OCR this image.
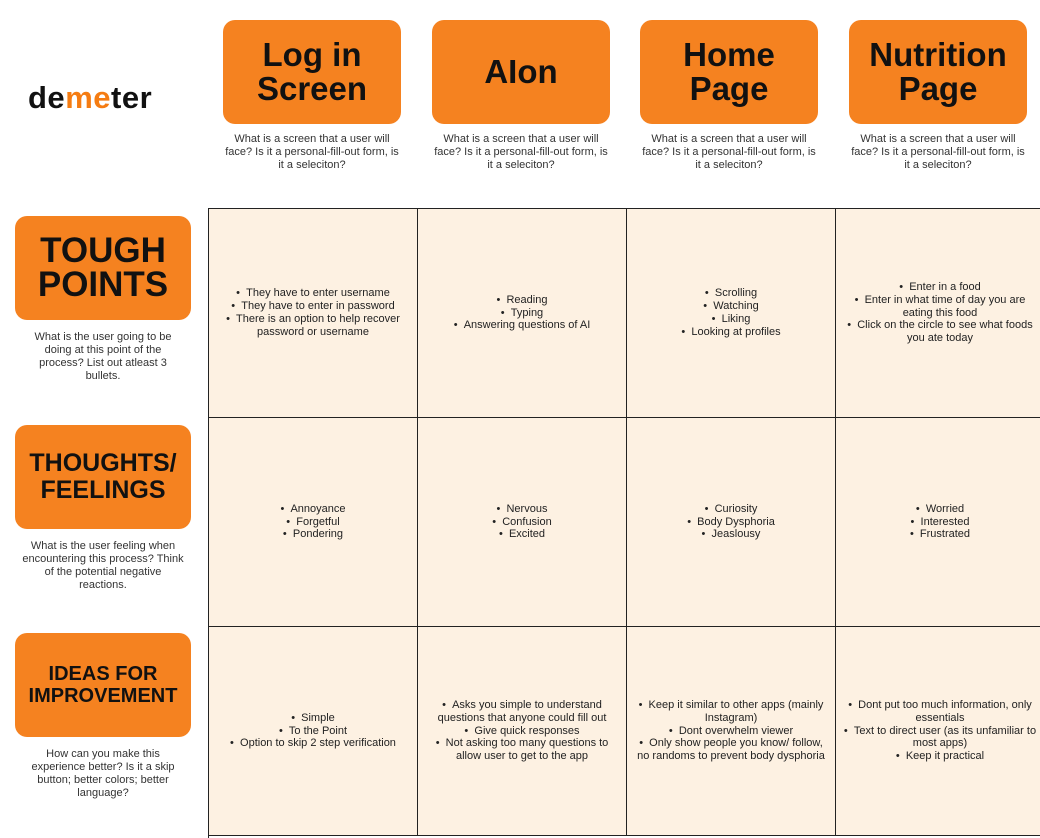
demeter
Log in Screen	AIon	Home Page
Nutrition Page
What is a screen that a user will face? Is it a personal-fill-out form, is it a seleciton?
What is a screen that a user will face? Is it a personal-fill-out form, is it a seleciton?
What is a screen that a user will face? Is it a personal-fill-out form, is it a seleciton?
What is a screen that a user will face? Is it a personal-fill-out form, is it a seleciton?
TOUGH POINTS
What is the user going to be doing at this point of the process? List out atleast 3 bullets.
THOUGHTS/ FEELINGS
What is the user feeling when encountering this process? Think of the potential negative reactions.
IDEAS FOR IMPROVEMENT
How can you make this experience better? Is it a skip button; better colors; better language?
•  They have to enter username
•  They have to enter in password
•  There is an option to help recover password or username
•  Reading
•  Typing
•  Answering questions of AI
•  Scrolling
•  Watching
•  Liking
•  Looking at profiles
•  Enter in a food
•  Enter in what time of day you are eating this food
•  Click on the circle to see what foods you ate today
•  Annoyance
•  Forgetful
•  Pondering
•  Nervous
•  Confusion
•  Excited
•  Curiosity
•  Body Dysphoria
•  Jeaslousy
•  Worried
•  Interested
•  Frustrated
•  Simple
•  To the Point
•  Option to skip 2 step verification
•  Asks you simple to understand questions that anyone could fill out
•  Give quick responses
•  Not asking too many questions to allow user to get to the app
•  Keep it similar to other apps (mainly Instagram)
•  Dont overwhelm viewer
•  Only show people you know/ follow, no randoms to prevent body dysphoria
•  Dont put too much information, only essentials
•  Text to direct user (as its unfamiliar to most apps)
•  Keep it practical
